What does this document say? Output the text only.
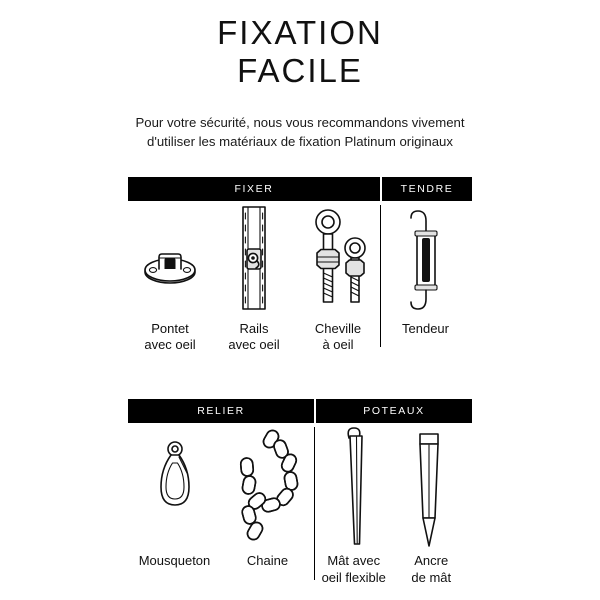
FIXATION
FACILE
Pour votre sécurité, nous vous recommandons vivement
d'utiliser les matériaux de fixation Platinum originaux
FIXER	TENDRE
Pontet
avec oeil
Rails
avec oeil
Cheville
à oeil
Tendeur
RELIER	POTEAUX
Mousqueton	Chaine	Mât avec
oeil flexible
Ancre
de mât
